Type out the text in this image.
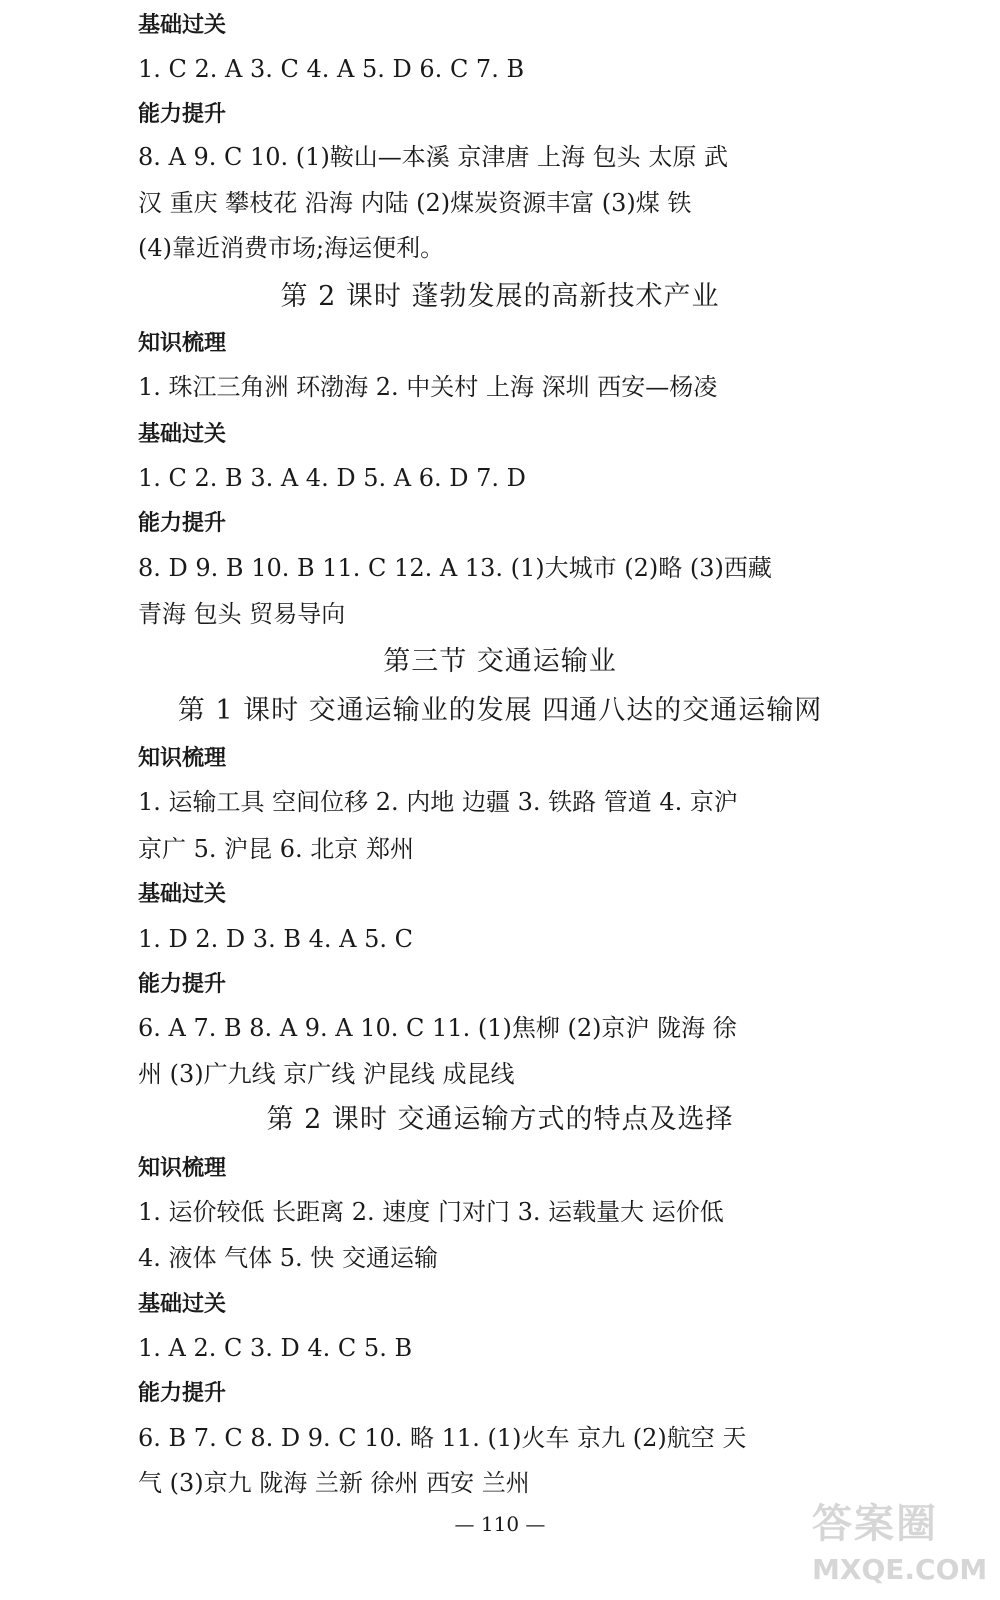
基础过关
1. C 2. A 3. C 4. A 5. D 6. C 7. B
能力提升
8. A 9. C 10. (1)鞍山—本溪 京津唐 上海 包头 太原 武
汉 重庆 攀枝花 沿海 内陆 (2)煤炭资源丰富 (3)煤 铁
(4)靠近消费市场;海运便利。
第 2 课时 蓬勃发展的高新技术产业
知识梳理
1. 珠江三角洲 环渤海 2. 中关村 上海 深圳 西安—杨凌
基础过关
1. C 2. B 3. A 4. D 5. A 6. D 7. D
能力提升
8. D 9. B 10. B 11. C 12. A 13. (1)大城市 (2)略 (3)西藏
青海 包头 贸易导向
第三节 交通运输业
第 1 课时 交通运输业的发展 四通八达的交通运输网
知识梳理
1. 运输工具 空间位移 2. 内地 边疆 3. 铁路 管道 4. 京沪
京广 5. 沪昆 6. 北京 郑州
基础过关
1. D 2. D 3. B 4. A 5. C
能力提升
6. A 7. B 8. A 9. A 10. C 11. (1)焦柳 (2)京沪 陇海 徐
州 (3)广九线 京广线 沪昆线 成昆线
第 2 课时 交通运输方式的特点及选择
知识梳理
1. 运价较低 长距离 2. 速度 门对门 3. 运载量大 运价低
4. 液体 气体 5. 快 交通运输
基础过关
1. A 2. C 3. D 4. C 5. B
能力提升
6. B 7. C 8. D 9. C 10. 略 11. (1)火车 京九 (2)航空 天
气 (3)京九 陇海 兰新 徐州 西安 兰州
— 110 —	答案圈
MXQE.COM
